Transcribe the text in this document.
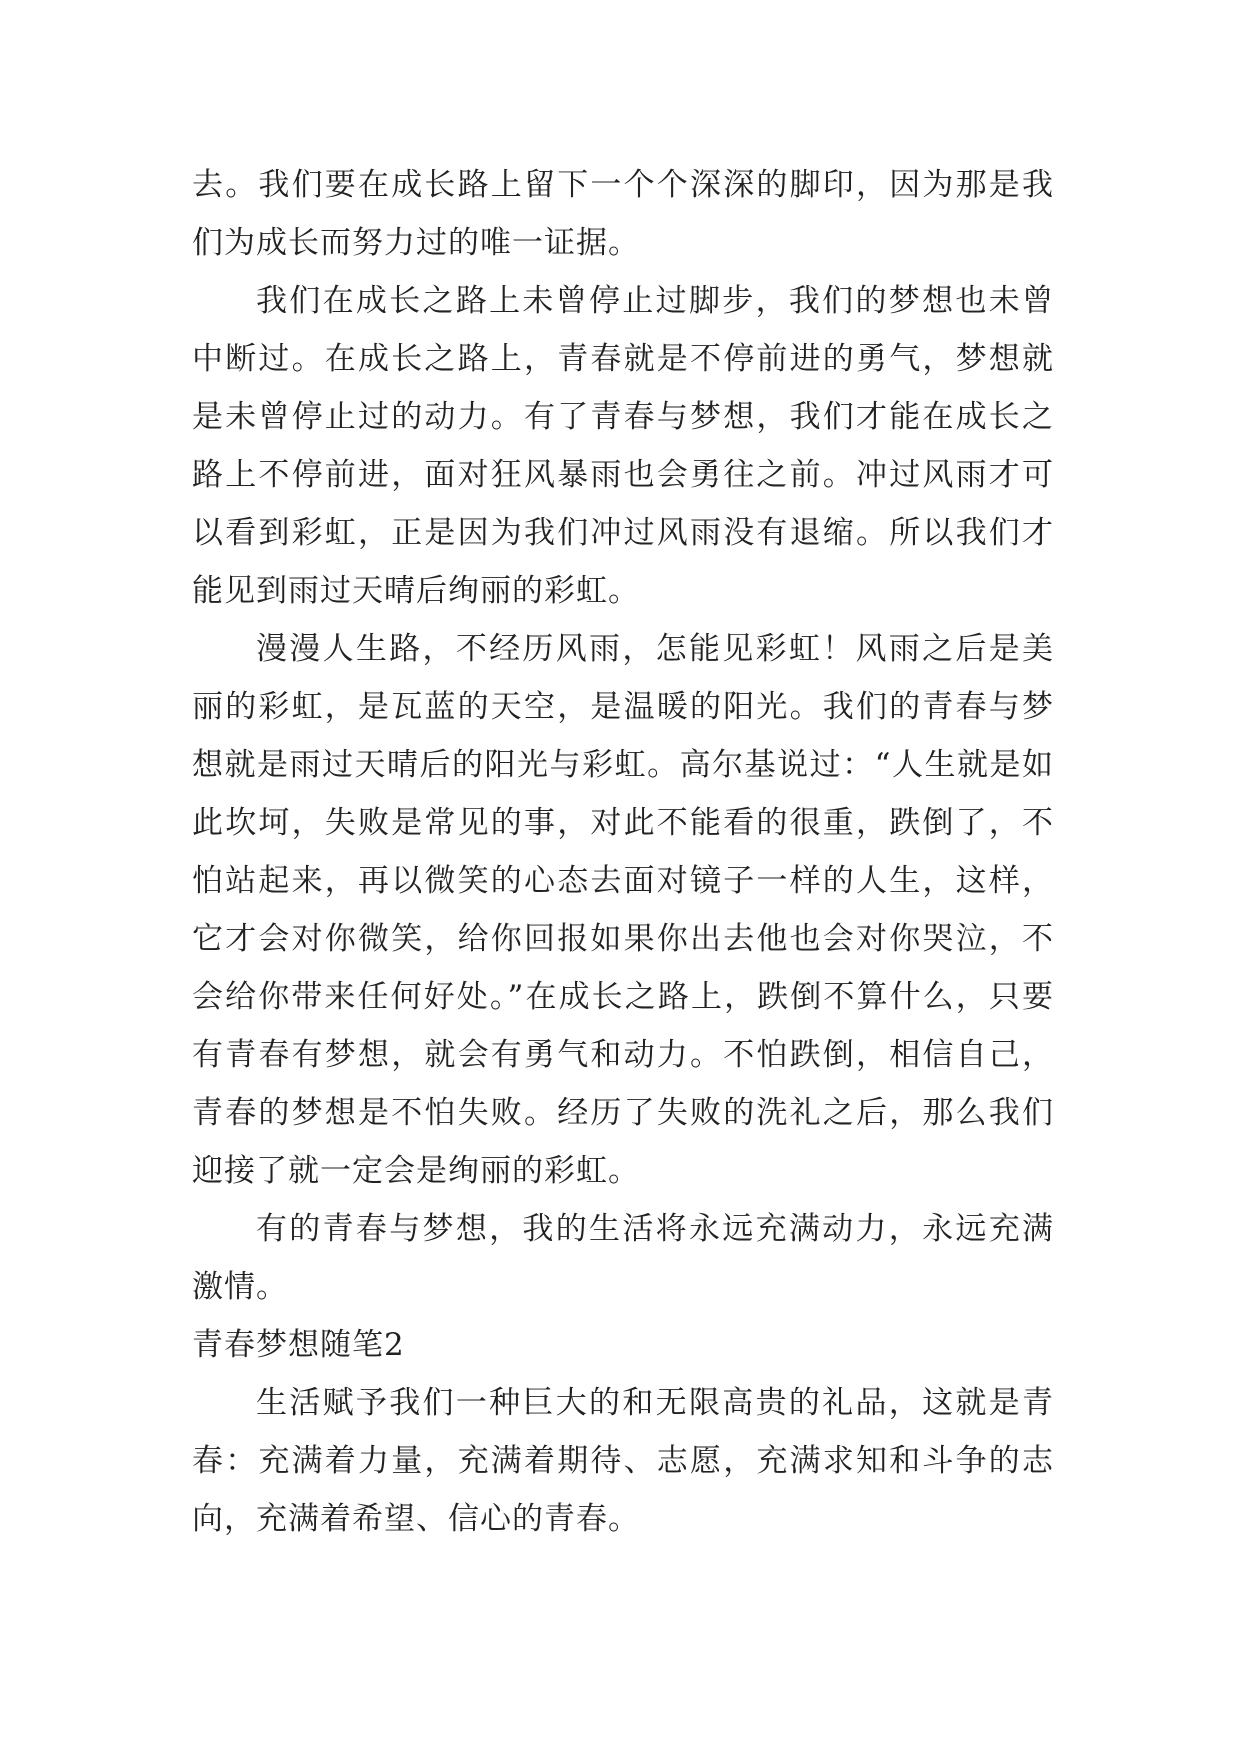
去。我们要在成长路上留下一个个深深的脚印，因为那是我们为成长而努力过的唯一证据。

我们在成长之路上未曾停止过脚步，我们的梦想也未曾中断过。在成长之路上，青春就是不停前进的勇气，梦想就是未曾停止过的动力。有了青春与梦想，我们才能在成长之路上不停前进，面对狂风暴雨也会勇往之前。冲过风雨才可以看到彩虹，正是因为我们冲过风雨没有退缩。所以我们才能见到雨过天晴后绚丽的彩虹。

漫漫人生路，不经历风雨，怎能见彩虹！风雨之后是美丽的彩虹，是瓦蓝的天空，是温暖的阳光。我们的青春与梦想就是雨过天晴后的阳光与彩虹。高尔基说过：“人生就是如此坎坷，失败是常见的事，对此不能看的很重，跌倒了，不怕站起来，再以微笑的心态去面对镜子一样的人生，这样，它才会对你微笑，给你回报如果你出去他也会对你哭泣，不会给你带来任何好处。”在成长之路上，跌倒不算什么，只要有青春有梦想，就会有勇气和动力。不怕跌倒，相信自己，青春的梦想是不怕失败。经历了失败的洗礼之后，那么我们迎接了就一定会是绚丽的彩虹。

有的青春与梦想，我的生活将永远充满动力，永远充满激情。

青春梦想随笔2

生活赋予我们一种巨大的和无限高贵的礼品，这就是青春：充满着力量，充满着期待、志愿，充满求知和斗争的志向，充满着希望、信心的青春。
